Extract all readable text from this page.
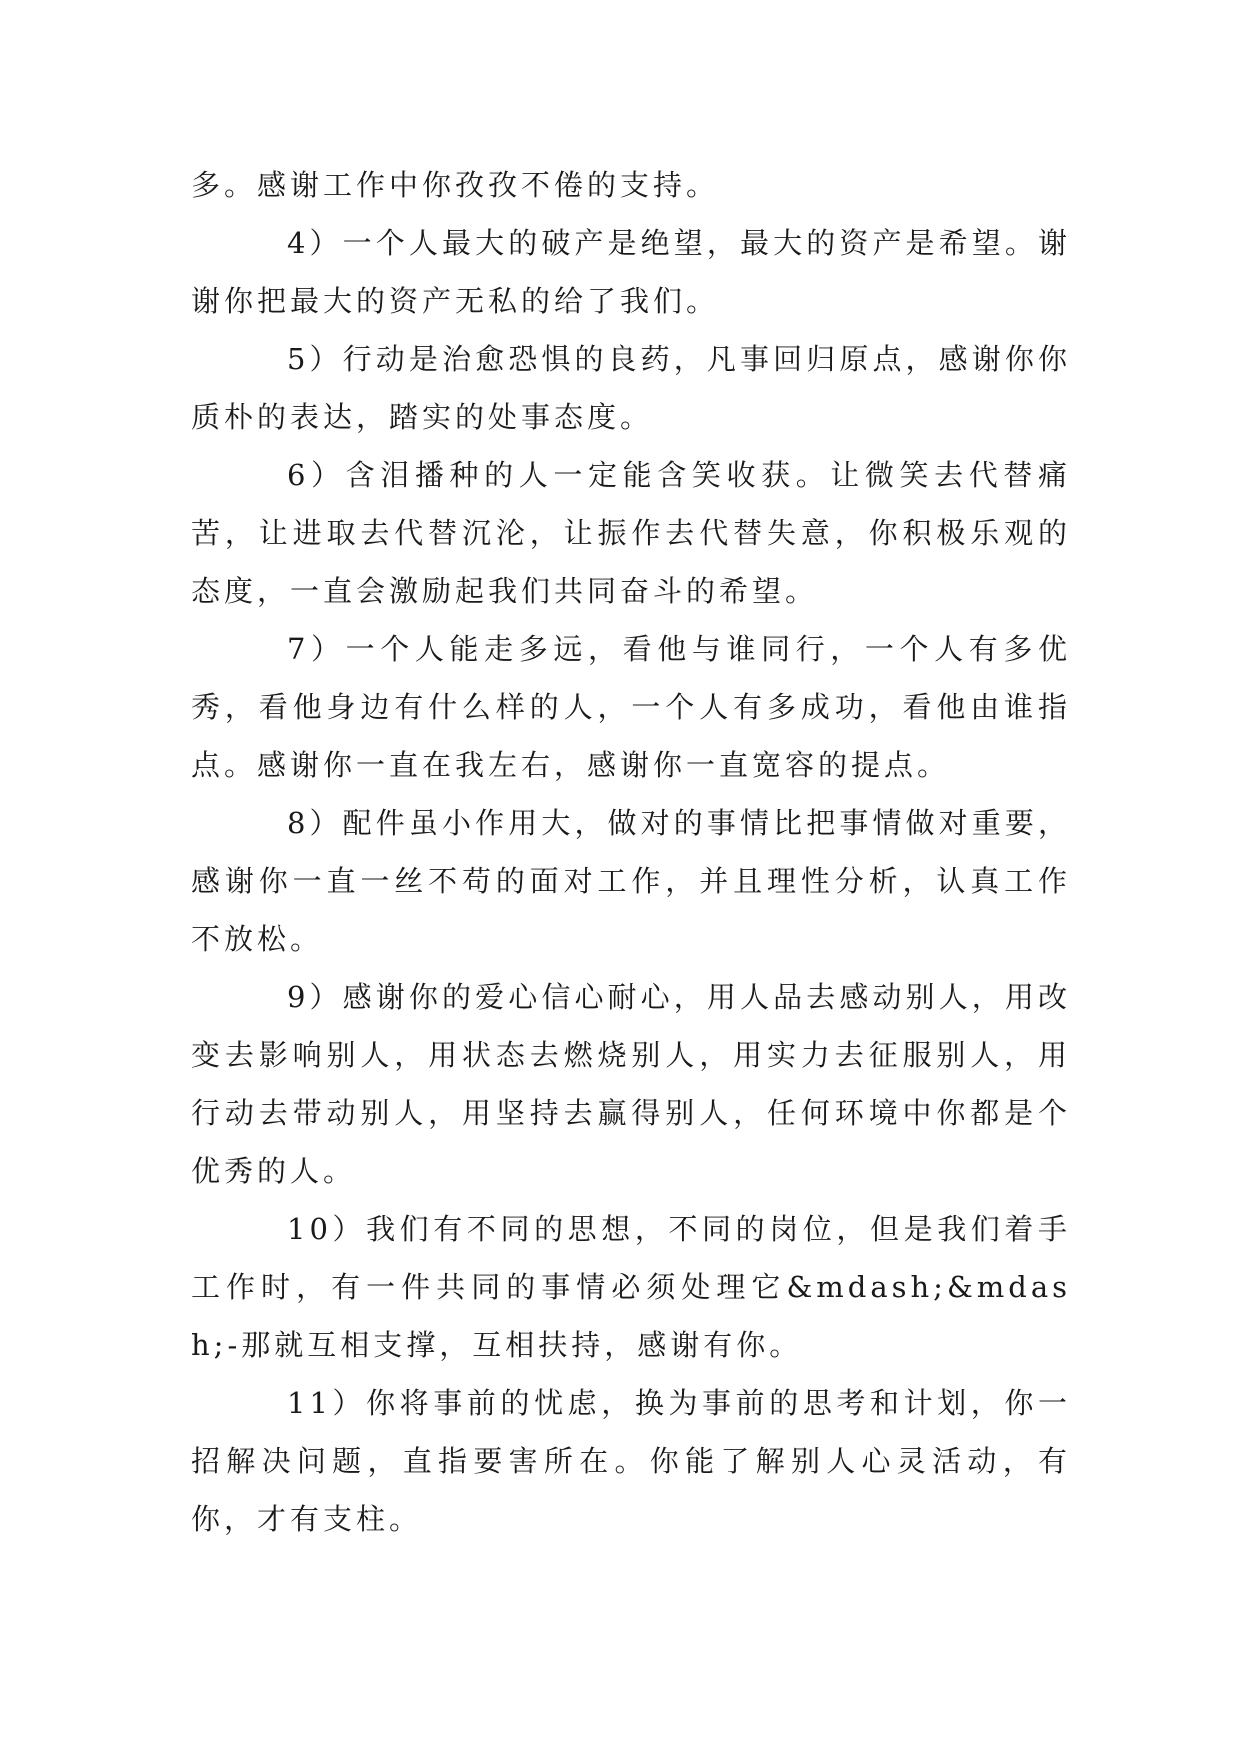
多。感谢工作中你孜孜不倦的支持。

4）一个人最大的破产是绝望，最大的资产是希望。谢谢你把最大的资产无私的给了我们。

5）行动是治愈恐惧的良药，凡事回归原点，感谢你你质朴的表达，踏实的处事态度。

6）含泪播种的人一定能含笑收获。让微笑去代替痛苦，让进取去代替沉沦，让振作去代替失意，你积极乐观的态度，一直会激励起我们共同奋斗的希望。

7）一个人能走多远，看他与谁同行，一个人有多优秀，看他身边有什么样的人，一个人有多成功，看他由谁指点。感谢你一直在我左右，感谢你一直宽容的提点。

8）配件虽小作用大，做对的事情比把事情做对重要，感谢你一直一丝不苟的面对工作，并且理性分析，认真工作不放松。

9）感谢你的爱心信心耐心，用人品去感动别人，用改变去影响别人，用状态去燃烧别人，用实力去征服别人，用行动去带动别人，用坚持去赢得别人，任何环境中你都是个优秀的人。

10）我们有不同的思想，不同的岗位，但是我们着手工作时，有一件共同的事情必须处理它&mdash;&mdash;-那就互相支撑，互相扶持，感谢有你。

11）你将事前的忧虑，换为事前的思考和计划，你一招解决问题，直指要害所在。你能了解别人心灵活动，有你，才有支柱。
